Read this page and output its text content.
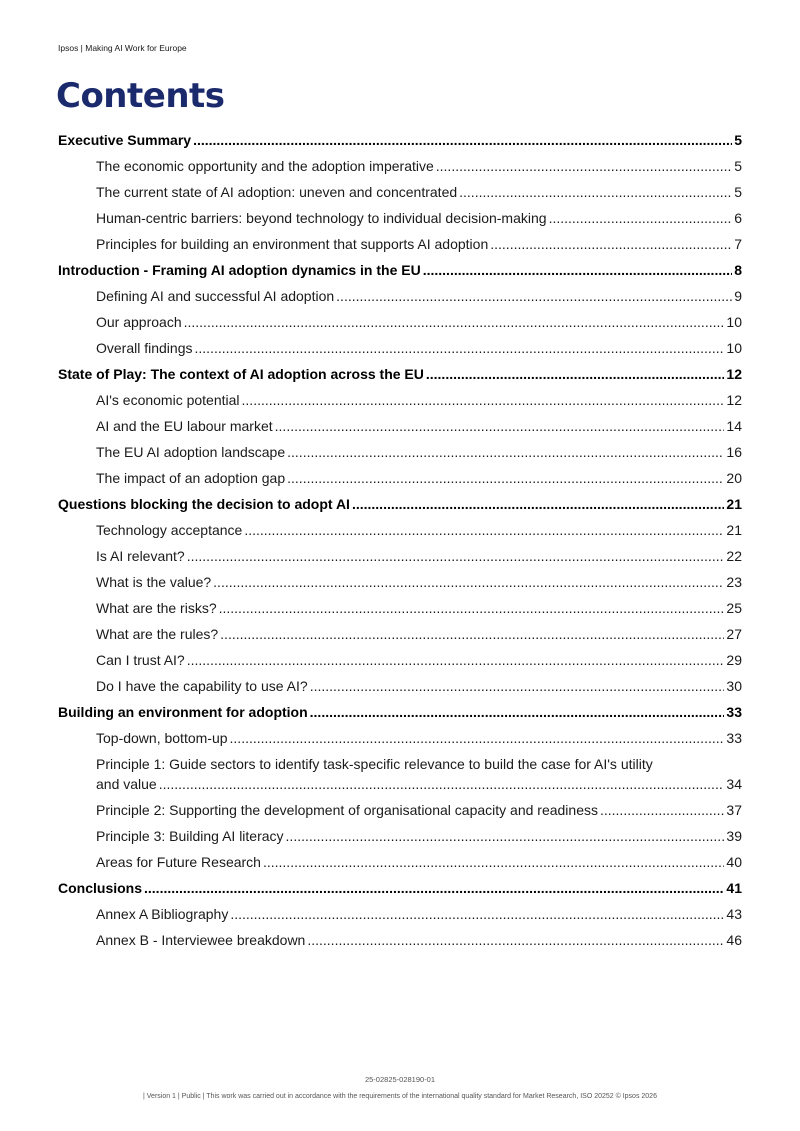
Ipsos | Making AI Work for Europe
Contents
Executive Summary .....	5
The economic opportunity and the adoption imperative .....	5
The current state of AI adoption: uneven and concentrated .....	5
Human-centric barriers: beyond technology to individual decision-making .....	6
Principles for building an environment that supports AI adoption .....	7
Introduction - Framing AI adoption dynamics in the EU .....	8
Defining AI and successful AI adoption .....	9
Our approach .....	10
Overall findings .....	10
State of Play: The context of AI adoption across the EU .....	12
AI's economic potential .....	12
AI and the EU labour market .....	14
The EU AI adoption landscape .....	16
The impact of an adoption gap .....	20
Questions blocking the decision to adopt AI .....	21
Technology acceptance .....	21
Is AI relevant? .....	22
What is the value? .....	23
What are the risks? .....	25
What are the rules? .....	27
Can I trust AI? .....	29
Do I have the capability to use AI? .....	30
Building an environment for adoption .....	33
Top-down, bottom-up .....	33
Principle 1: Guide sectors to identify task-specific relevance to build the case for AI's utility
and value .....	34
Principle 2: Supporting the development of organisational capacity and readiness .....	37
Principle 3: Building AI literacy .....	39
Areas for Future Research .....	40
Conclusions .....	41
Annex A Bibliography .....	43
Annex B - Interviewee breakdown .....	46
25-02825-028190-01
| Version 1 | Public | This work was carried out in accordance with the requirements of the international quality standard for Market Research, ISO 20252 © Ipsos 2026
